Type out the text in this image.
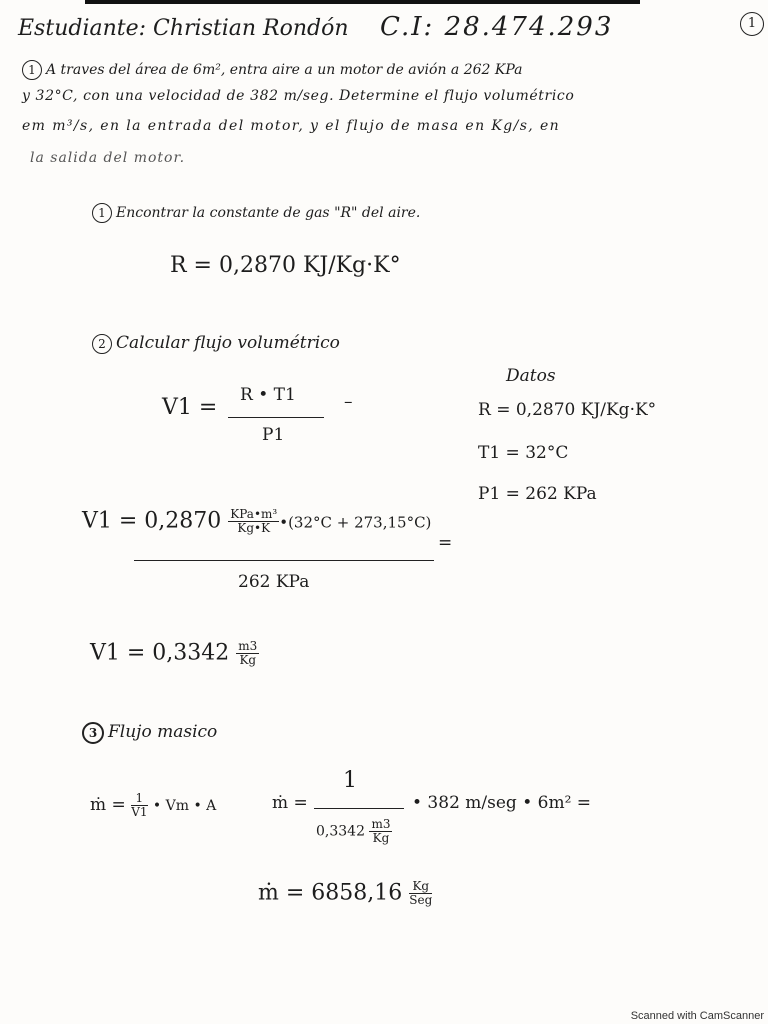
Estudiante: Christian Rondón C.I: 28.474.293	1
1 A traves del área de 6m², entra aire a un motor de avión a 262 KPa
y 32°C, con una velocidad de 382 m/seg. Determine el flujo volumétrico
em m³/s, en la entrada del motor, y el flujo de masa en Kg/s, en
la salida del motor.
1 Encontrar la constante de gas "R" del aire.
R = 0,2870 KJ/Kg·K°
2 Calcular flujo volumétrico
V1 = R • T1
P1
–
Datos
R = 0,2870 KJ/Kg·K°
T1 = 32°C
P1 = 262 KPa
$V1 = 0,2870 \frac{\text{KPa•m³}}{Kg•K}$ •(32°C + 273,15°C)
=
262 KPa
$V1 = 0,3342 \frac{m3}{Kg}$
3 Flujo masico
ṁ = $\frac{1}{V1}$ • Vm • A	ṁ =
1
$0,3342 \frac{m3}{Kg}$
• 382 m/seg • 6m² =
ṁ = $6858,16 \frac{Kg}{\text{Seg}}$
Scanned with CamScanner
